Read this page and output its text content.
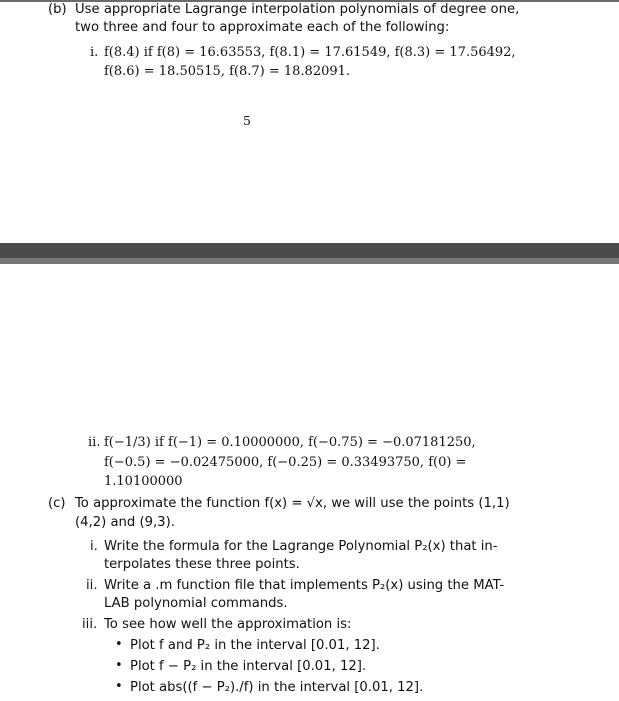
(b) Use appropriate Lagrange interpolation polynomials of degree one,
two three and four to approximate each of the following:
i. f(8.4) if f(8) = 16.63553, f(8.1) = 17.61549, f(8.3) = 17.56492,
f(8.6) = 18.50515, f(8.7) = 18.82091.
5
ii. f(−1/3) if f(−1) = 0.10000000, f(−0.75) = −0.07181250,
f(−0.5) = −0.02475000, f(−0.25) = 0.33493750, f(0) =
1.10100000
(c) To approximate the function f(x) = √x, we will use the points (1,1)
(4,2) and (9,3).
i. Write the formula for the Lagrange Polynomial P₂(x) that in-
terpolates these three points.
ii. Write a .m function file that implements P₂(x) using the MAT-
LAB polynomial commands.
iii. To see how well the approximation is:
• Plot f and P₂ in the interval [0.01, 12].
• Plot f − P₂ in the interval [0.01, 12].
• Plot abs((f − P₂)./f) in the interval [0.01, 12].
